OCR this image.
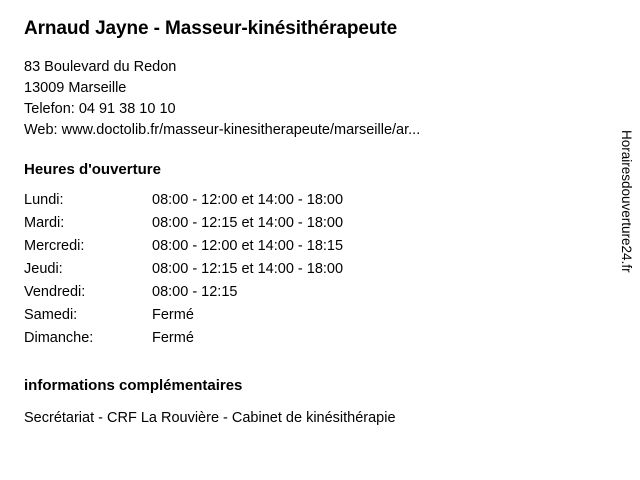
Arnaud Jayne - Masseur-kinésithérapeute
83 Boulevard du Redon
13009 Marseille
Telefon: 04 91 38 10 10
Web: www.doctolib.fr/masseur-kinesitherapeute/marseille/ar...
Heures d'ouverture
Lundi:	08:00 - 12:00 et 14:00 - 18:00
Mardi:	08:00 - 12:15 et 14:00 - 18:00
Mercredi:	08:00 - 12:00 et 14:00 - 18:15
Jeudi:	08:00 - 12:15 et 14:00 - 18:00
Vendredi:	08:00 - 12:15
Samedi:	Fermé
Dimanche:	Fermé
informations complémentaires
Secrétariat - CRF La Rouvière - Cabinet de kinésithérapie
Horairesdouverture24.fr
